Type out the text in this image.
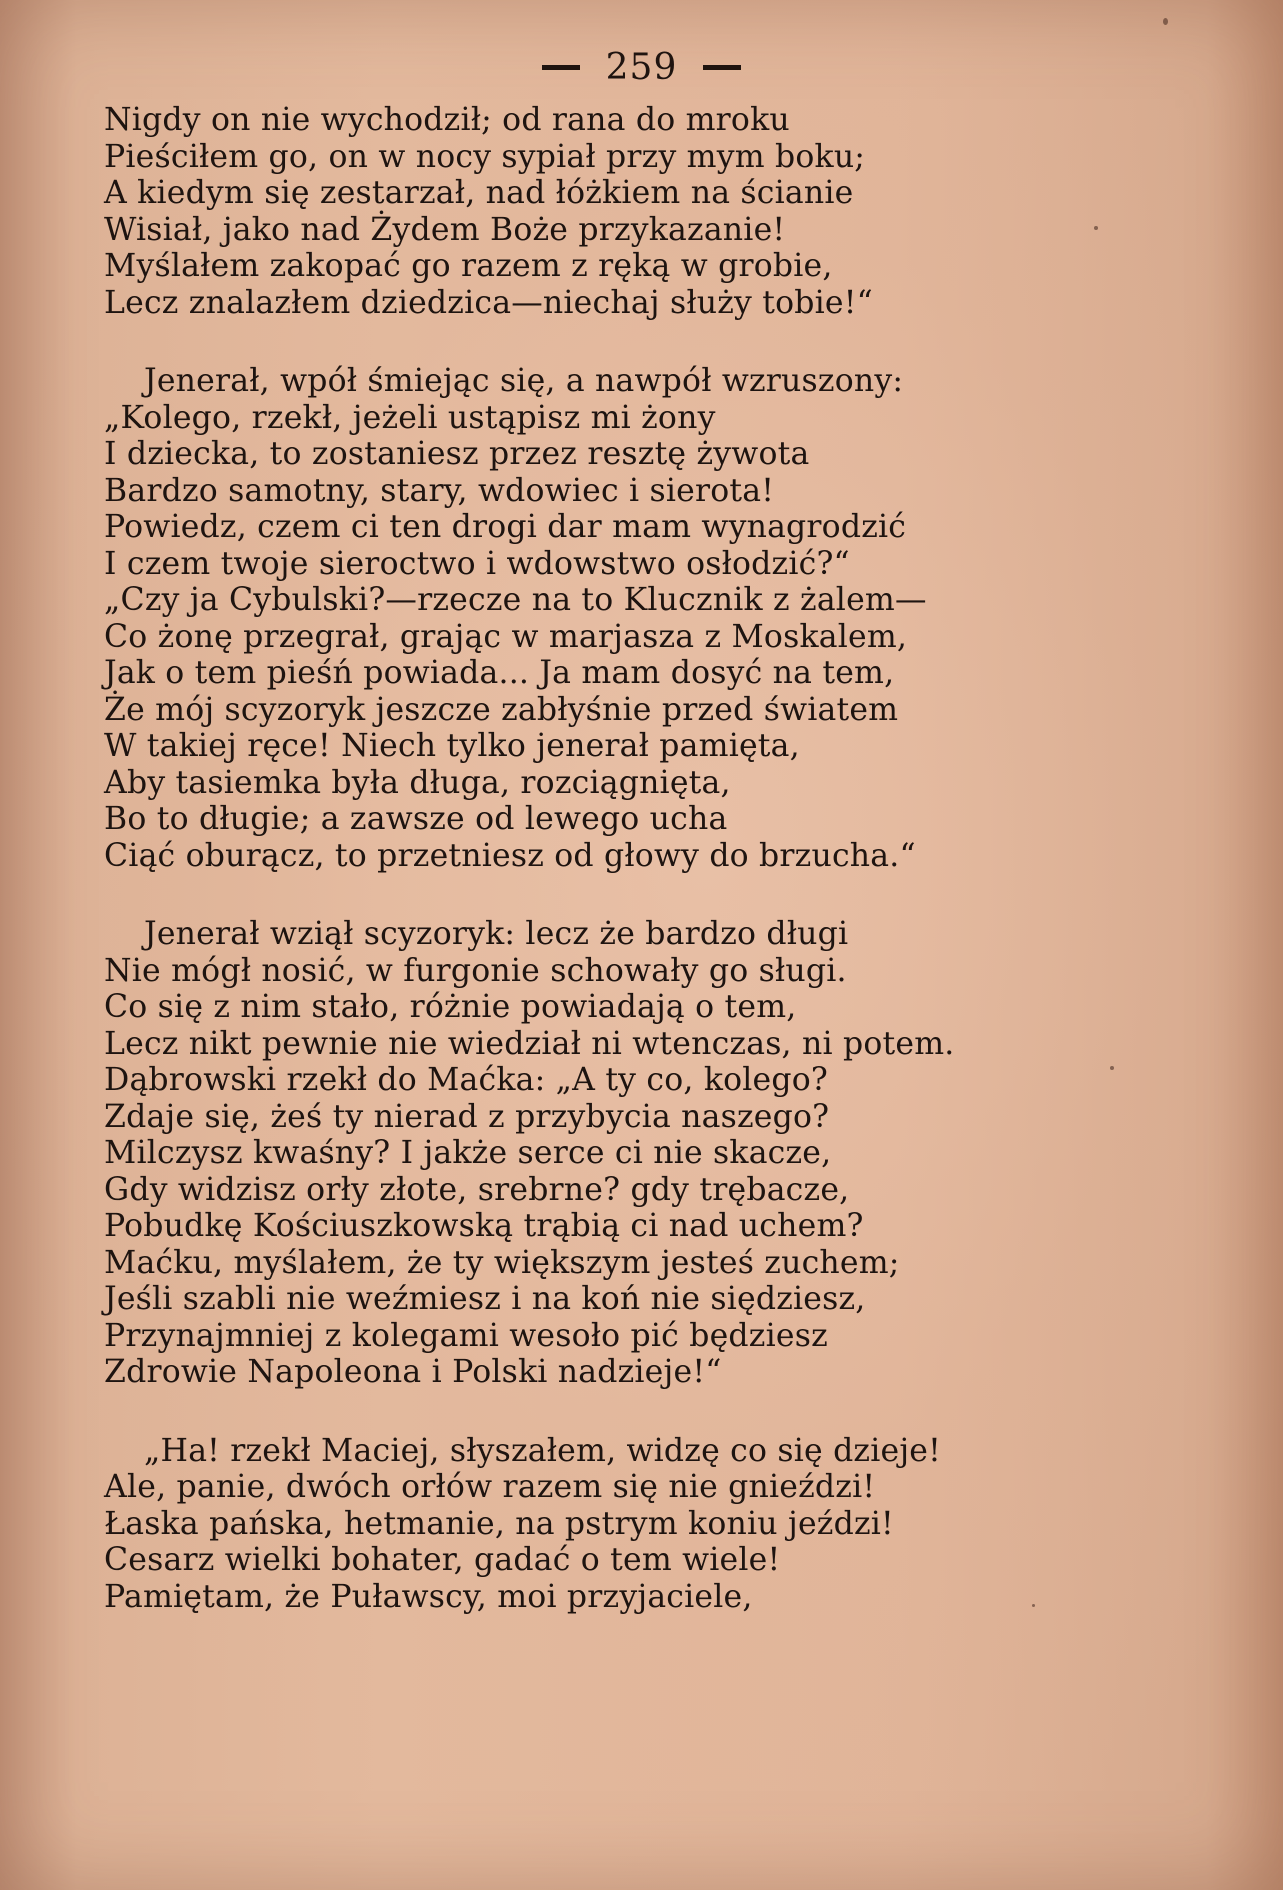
259
Nigdy on nie wychodził; od rana do mroku
Pieściłem go, on w nocy sypiał przy mym boku;
A kiedym się zestarzał, nad łóżkiem na ścianie
Wisiał, jako nad Żydem Boże przykazanie!
Myślałem zakopać go razem z ręką w grobie,
Lecz znalazłem dziedzica—niechaj służy tobie!“
Jenerał, wpół śmiejąc się, a nawpół wzruszony:
„Kolego, rzekł, jeżeli ustąpisz mi żony
I dziecka, to zostaniesz przez resztę żywota
Bardzo samotny, stary, wdowiec i sierota!
Powiedz, czem ci ten drogi dar mam wynagrodzić
I czem twoje sieroctwo i wdowstwo osłodzić?“
„Czy ja Cybulski?—rzecze na to Klucznik z żalem—
Co żonę przegrał, grając w marjasza z Moskalem,
Jak o tem pieśń powiada... Ja mam dosyć na tem,
Że mój scyzoryk jeszcze zabłyśnie przed światem
W takiej ręce! Niech tylko jenerał pamięta,
Aby tasiemka była długa, rozciągnięta,
Bo to długie; a zawsze od lewego ucha
Ciąć oburącz, to przetniesz od głowy do brzucha.“
Jenerał wziął scyzoryk: lecz że bardzo długi
Nie mógł nosić, w furgonie schowały go sługi.
Co się z nim stało, różnie powiadają o tem,
Lecz nikt pewnie nie wiedział ni wtenczas, ni potem.
Dąbrowski rzekł do Maćka: „A ty co, kolego?
Zdaje się, żeś ty nierad z przybycia naszego?
Milczysz kwaśny? I jakże serce ci nie skacze,
Gdy widzisz orły złote, srebrne? gdy trębacze,
Pobudkę Kościuszkowską trąbią ci nad uchem?
Maćku, myślałem, że ty większym jesteś zuchem;
Jeśli szabli nie weźmiesz i na koń nie siędziesz,
Przynajmniej z kolegami wesoło pić będziesz
Zdrowie Napoleona i Polski nadzieje!“
„Ha! rzekł Maciej, słyszałem, widzę co się dzieje!
Ale, panie, dwóch orłów razem się nie gnieździ!
Łaska pańska, hetmanie, na pstrym koniu jeździ!
Cesarz wielki bohater, gadać o tem wiele!
Pamiętam, że Puławscy, moi przyjaciele,
